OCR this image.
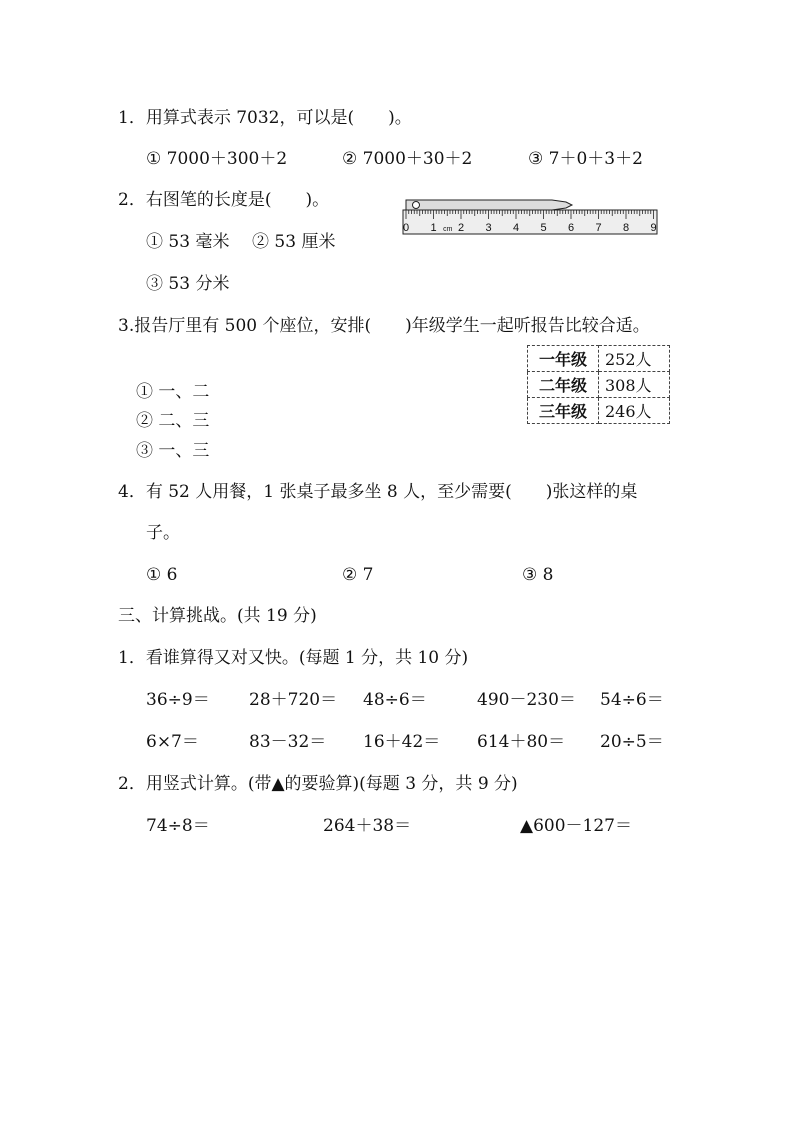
1．用算式表示 7032，可以是(　　)。
① 7000＋300＋2	② 7000＋30＋2	③ 7＋0＋3＋2
2．右图笔的长度是(　　)。
① 53 毫米 ② 53 厘米
③ 53 分米
0 1 2 3 4 5 6 7 8 9
cm
3.报告厅里有 500 个座位，安排(　　)年级学生一起听报告比较合适。
一年级	252人
二年级	308人
三年级	246人
① 一、二
② 二、三
③ 一、三
4．有 52 人用餐，1 张桌子最多坐 8 人，至少需要(　　)张这样的桌
子。
① 6	② 7	③ 8
三、计算挑战。(共 19 分)
1．看谁算得又对又快。(每题 1 分，共 10 分)
36÷9＝ 28＋720＝ 48÷6＝	490－230＝ 54÷6＝
6×7＝	83－32＝ 16＋42＝ 614＋80＝ 20÷5＝
2．用竖式计算。(带▲的要验算)(每题 3 分，共 9 分)
74÷8＝	264＋38＝	▲600－127＝
